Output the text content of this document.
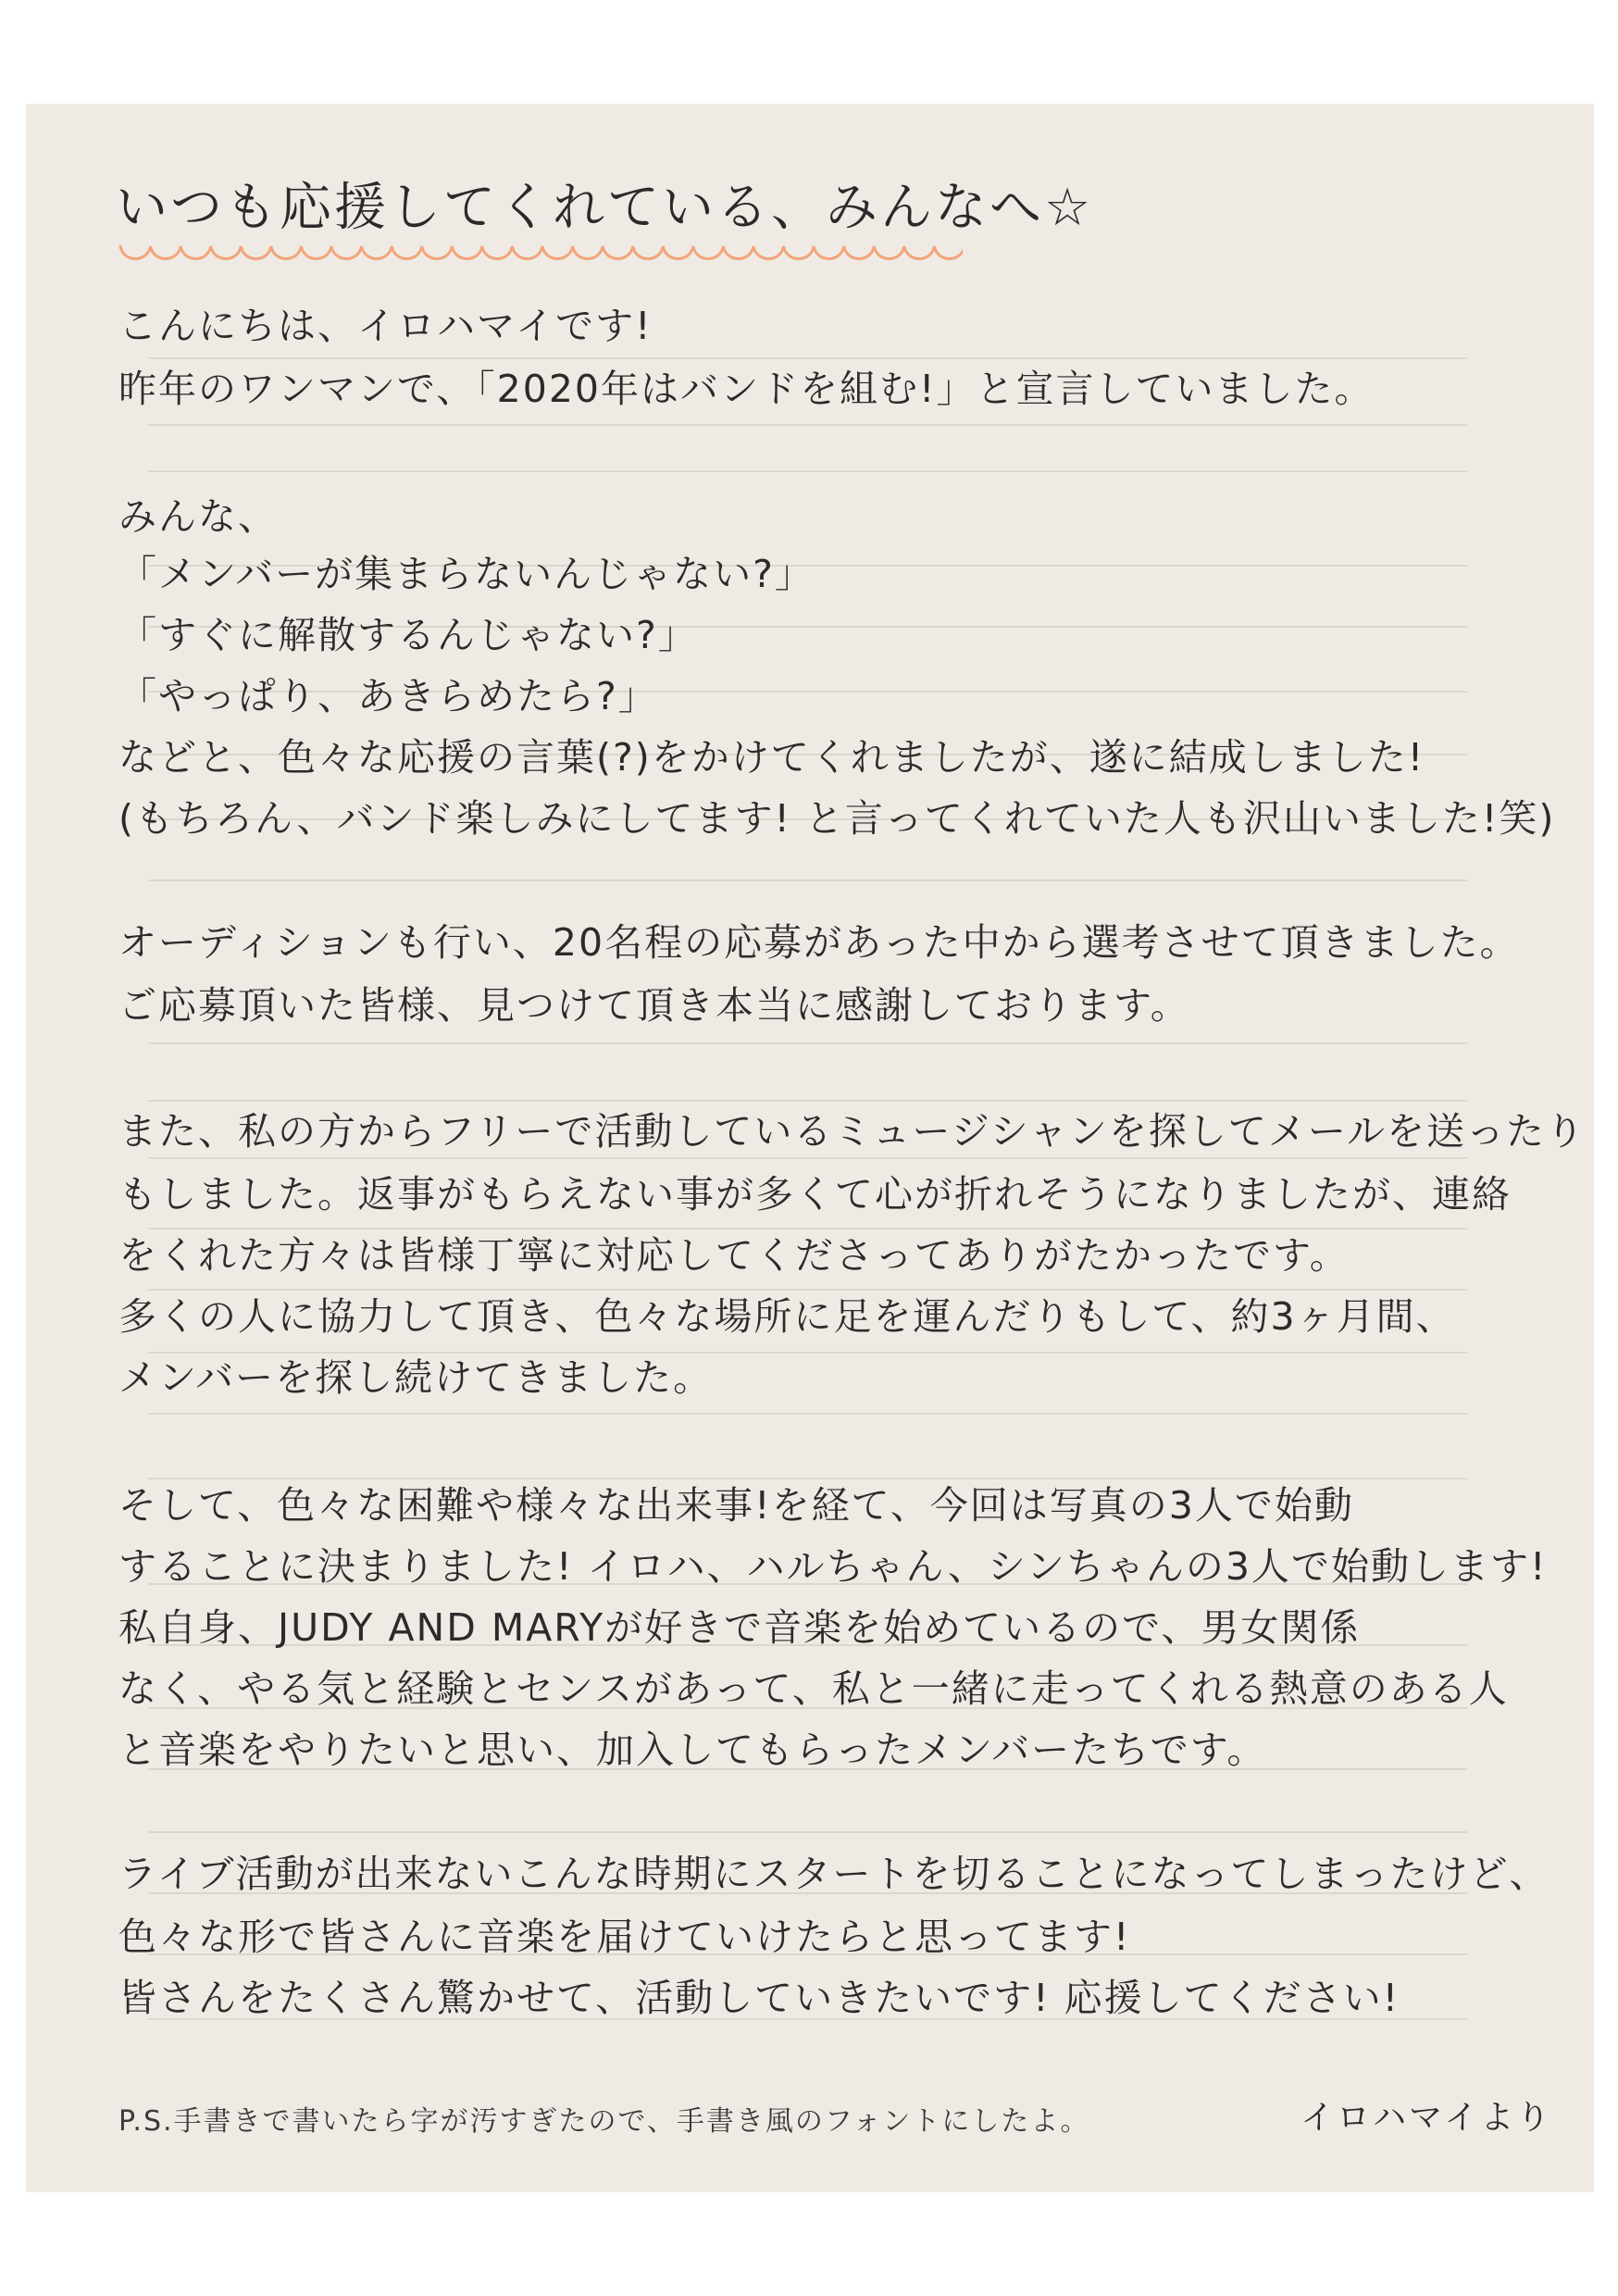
いつも応援してくれている、みんなへ☆
こんにちは、イロハマイです!
昨年のワンマンで、「2020年はバンドを組む!」と宣言していました。
みんな、
「メンバーが集まらないんじゃない?」
「すぐに解散するんじゃない?」
「やっぱり、あきらめたら?」
などと、色々な応援の言葉(?)をかけてくれましたが、遂に結成しました!
(もちろん、バンド楽しみにしてます! と言ってくれていた人も沢山いました!笑)
オーディションも行い、20名程の応募があった中から選考させて頂きました。
ご応募頂いた皆様、見つけて頂き本当に感謝しております。
また、私の方からフリーで活動しているミュージシャンを探してメールを送ったり
もしました。返事がもらえない事が多くて心が折れそうになりましたが、連絡
をくれた方々は皆様丁寧に対応してくださってありがたかったです。
多くの人に協力して頂き、色々な場所に足を運んだりもして、約3ヶ月間、
メンバーを探し続けてきました。
そして、色々な困難や様々な出来事!を経て、今回は写真の3人で始動
することに決まりました! イロハ、ハルちゃん、シンちゃんの3人で始動します!
私自身、JUDY AND MARYが好きで音楽を始めているので、男女関係
なく、やる気と経験とセンスがあって、私と一緒に走ってくれる熱意のある人
と音楽をやりたいと思い、加入してもらったメンバーたちです。
ライブ活動が出来ないこんな時期にスタートを切ることになってしまったけど、
色々な形で皆さんに音楽を届けていけたらと思ってます!
皆さんをたくさん驚かせて、活動していきたいです! 応援してください!
P.S.手書きで書いたら字が汚すぎたので、手書き風のフォントにしたよ。	イロハマイより
